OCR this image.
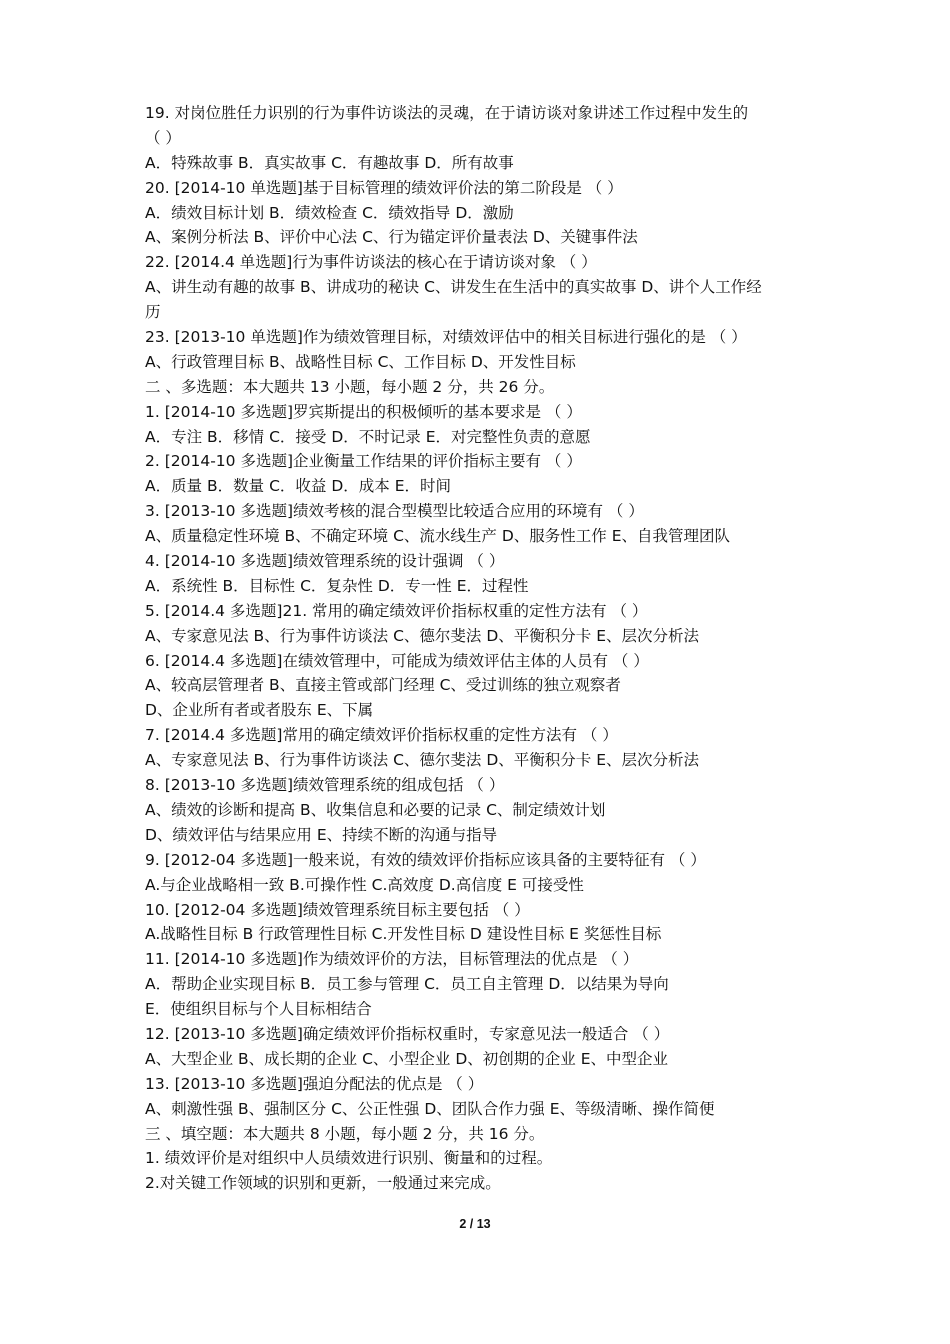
19. 对岗位胜任力识别的行为事件访谈法的灵魂，在于请访谈对象讲述工作过程中发生的
（ ）
A．特殊故事 B．真实故事 C．有趣故事 D．所有故事
20. [2014-10 单选题]基于目标管理的绩效评价法的第二阶段是 （ ）
A．绩效目标计划 B．绩效检查 C．绩效指导 D．激励
A、案例分析法 B、评价中心法 C、行为锚定评价量表法 D、关键事件法
22. [2014.4 单选题]行为事件访谈法的核心在于请访谈对象 （ ）
A、讲生动有趣的故事 B、讲成功的秘诀 C、讲发生在生活中的真实故事 D、讲个人工作经
历
23. [2013-10 单选题]作为绩效管理目标，对绩效评估中的相关目标进行强化的是 （ ）
A、行政管理目标 B、战略性目标 C、工作目标 D、开发性目标
二 、多选题：本大题共 13 小题，每小题 2 分，共 26 分。
1. [2014-10 多选题]罗宾斯提出的积极倾听的基本要求是 （ ）
A．专注 B．移情 C．接受 D．不时记录 E．对完整性负责的意愿
2. [2014-10 多选题]企业衡量工作结果的评价指标主要有 （ ）
A．质量 B．数量 C．收益 D．成本 E．时间
3. [2013-10 多选题]绩效考核的混合型模型比较适合应用的环境有 （ ）
A、质量稳定性环境 B、不确定环境 C、流水线生产 D、服务性工作 E、自我管理团队
4. [2014-10 多选题]绩效管理系统的设计强调 （ ）
A．系统性 B．目标性 C．复杂性 D．专一性 E．过程性
5. [2014.4 多选题]21. 常用的确定绩效评价指标权重的定性方法有 （ ）
A、专家意见法 B、行为事件访谈法 C、德尔斐法 D、平衡积分卡 E、层次分析法
6. [2014.4 多选题]在绩效管理中，可能成为绩效评估主体的人员有 （ ）
A、较高层管理者 B、直接主管或部门经理 C、受过训练的独立观察者
D、企业所有者或者股东 E、下属
7. [2014.4 多选题]常用的确定绩效评价指标权重的定性方法有 （ ）
A、专家意见法 B、行为事件访谈法 C、德尔斐法 D、平衡积分卡 E、层次分析法
8. [2013-10 多选题]绩效管理系统的组成包括 （ ）
A、绩效的诊断和提高 B、收集信息和必要的记录 C、制定绩效计划
D、绩效评估与结果应用 E、持续不断的沟通与指导
9. [2012-04 多选题]一般来说，有效的绩效评价指标应该具备的主要特征有 （ ）
A.与企业战略相一致 B.可操作性 C.高效度 D.高信度 E 可接受性
10. [2012-04 多选题]绩效管理系统目标主要包括 （ ）
A.战略性目标 B 行政管理性目标 C.开发性目标 D 建设性目标 E 奖惩性目标
11. [2014-10 多选题]作为绩效评价的方法，目标管理法的优点是 （ ）
A．帮助企业实现目标 B．员工参与管理 C．员工自主管理 D．以结果为导向
E．使组织目标与个人目标相结合
12. [2013-10 多选题]确定绩效评价指标权重时，专家意见法一般适合 （ ）
A、大型企业 B、成长期的企业 C、小型企业 D、初创期的企业 E、中型企业
13. [2013-10 多选题]强迫分配法的优点是 （ ）
A、刺激性强 B、强制区分 C、公正性强 D、团队合作力强 E、等级清晰、操作简便
三 、填空题：本大题共 8 小题，每小题 2 分，共 16 分。
1. 绩效评价是对组织中人员绩效进行识别、衡量和的过程。
2.对关键工作领域的识别和更新，一般通过来完成。
2 / 13
